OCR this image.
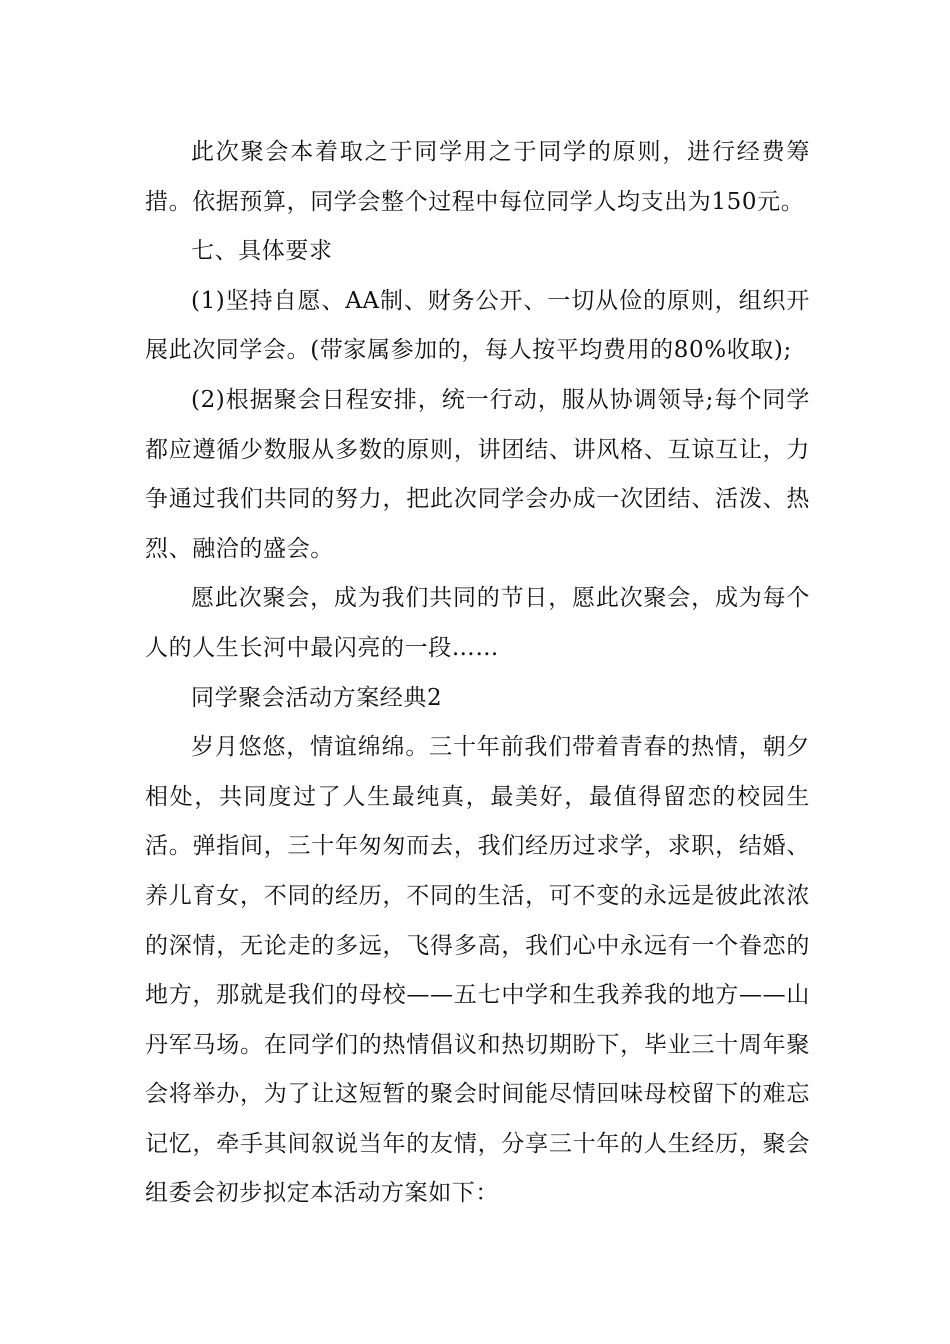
此次聚会本着取之于同学用之于同学的原则，进行经费筹措。依据预算，同学会整个过程中每位同学人均支出为150元。

七、具体要求

(1)坚持自愿、AA制、财务公开、一切从俭的原则，组织开展此次同学会。(带家属参加的，每人按平均费用的80%收取);

(2)根据聚会日程安排，统一行动，服从协调领导;每个同学都应遵循少数服从多数的原则，讲团结、讲风格、互谅互让，力争通过我们共同的努力，把此次同学会办成一次团结、活泼、热烈、融洽的盛会。

愿此次聚会，成为我们共同的节日，愿此次聚会，成为每个人的人生长河中最闪亮的一段……

同学聚会活动方案经典2

岁月悠悠，情谊绵绵。三十年前我们带着青春的热情，朝夕相处，共同度过了人生最纯真，最美好，最值得留恋的校园生活。弹指间，三十年匆匆而去，我们经历过求学，求职，结婚、养儿育女，不同的经历，不同的生活，可不变的永远是彼此浓浓的深情，无论走的多远，飞得多高，我们心中永远有一个眷恋的地方，那就是我们的母校——五七中学和生我养我的地方——山丹军马场。在同学们的热情倡议和热切期盼下，毕业三十周年聚会将举办，为了让这短暂的聚会时间能尽情回味母校留下的难忘记忆，牵手其间叙说当年的友情，分享三十年的人生经历，聚会组委会初步拟定本活动方案如下：
